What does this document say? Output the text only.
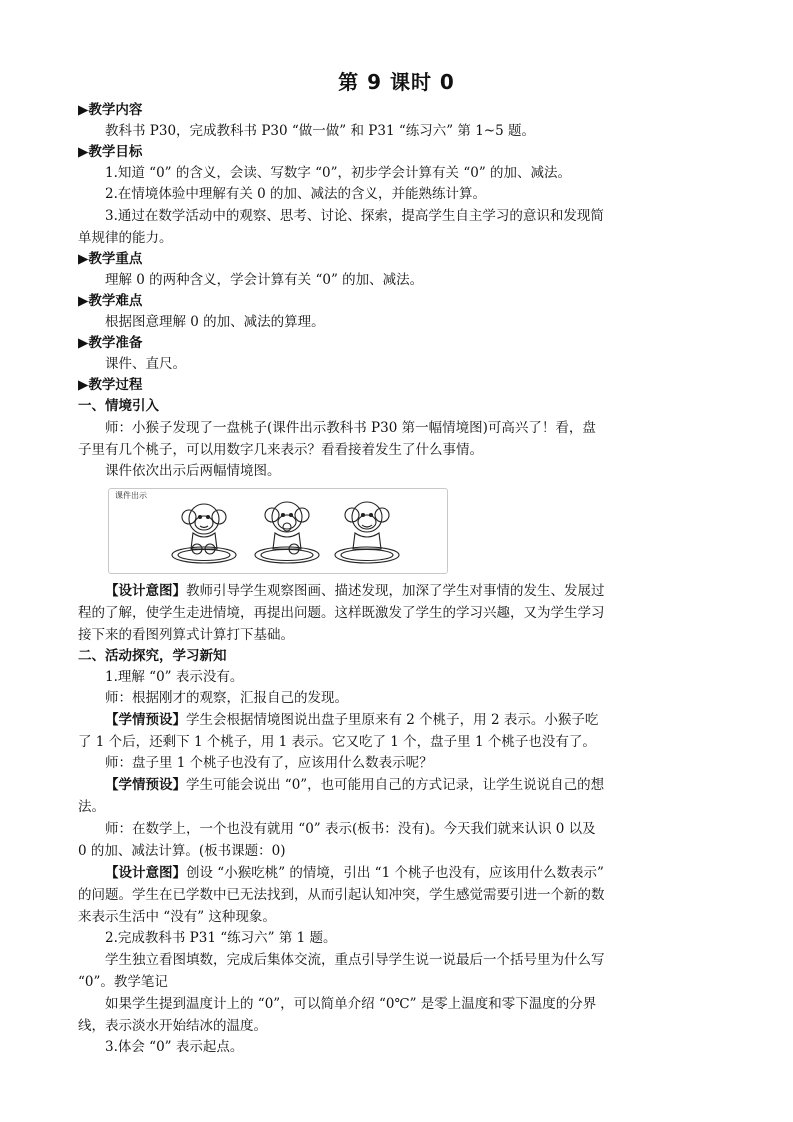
第 9 课时 0
▶教学内容
教科书 P30，完成教科书 P30 “做一做” 和 P31 “练习六” 第 1~5 题。
▶教学目标
1.知道 “0” 的含义，会读、写数字 “0”，初步学会计算有关 “0” 的加、减法。
2.在情境体验中理解有关 0 的加、减法的含义，并能熟练计算。

3.通过在数学活动中的观察、思考、讨论、探索，提高学生自主学习的意识和发现简单规律的能力。

▶教学重点
理解 0 的两种含义，学会计算有关 “0” 的加、减法。
▶教学难点
根据图意理解 0 的加、减法的算理。
▶教学准备
课件、直尺。
▶教学过程
一、情境引入

师：小猴子发现了一盘桃子(课件出示教科书 P30 第一幅情境图)可高兴了！看，盘子里有几个桃子，可以用数字几来表示？看看接着发生了什么事情。

课件依次出示后两幅情境图。
课件出示

【设计意图】教师引导学生观察图画、描述发现，加深了学生对事情的发生、发展过程的了解，使学生走进情境，再提出问题。这样既激发了学生的学习兴趣，又为学生学习接下来的看图列算式计算打下基础。

二、活动探究，学习新知
1.理解 “0” 表示没有。
师：根据刚才的观察，汇报自己的发现。

【学情预设】学生会根据情境图说出盘子里原来有 2 个桃子，用 2 表示。小猴子吃了 1 个后，还剩下 1 个桃子，用 1 表示。它又吃了 1 个，盘子里 1 个桃子也没有了。

师：盘子里 1 个桃子也没有了，应该用什么数表示呢？

【学情预设】学生可能会说出 “0”，也可能用自己的方式记录，让学生说说自己的想法。

师：在数学上，一个也没有就用 “0” 表示(板书：没有)。今天我们就来认识 0 以及 0 的加、减法计算。(板书课题：0)

【设计意图】创设 “小猴吃桃” 的情境，引出 “1 个桃子也没有，应该用什么数表示” 的问题。学生在已学数中已无法找到，从而引起认知冲突，学生感觉需要引进一个新的数来表示生活中 “没有” 这种现象。

2.完成教科书 P31 “练习六” 第 1 题。

学生独立看图填数，完成后集体交流，重点引导学生说一说最后一个括号里为什么写 “0”。教学笔记

如果学生提到温度计上的 “0”，可以简单介绍 “0℃” 是零上温度和零下温度的分界线，表示淡水开始结冰的温度。

3.体会 “0” 表示起点。
